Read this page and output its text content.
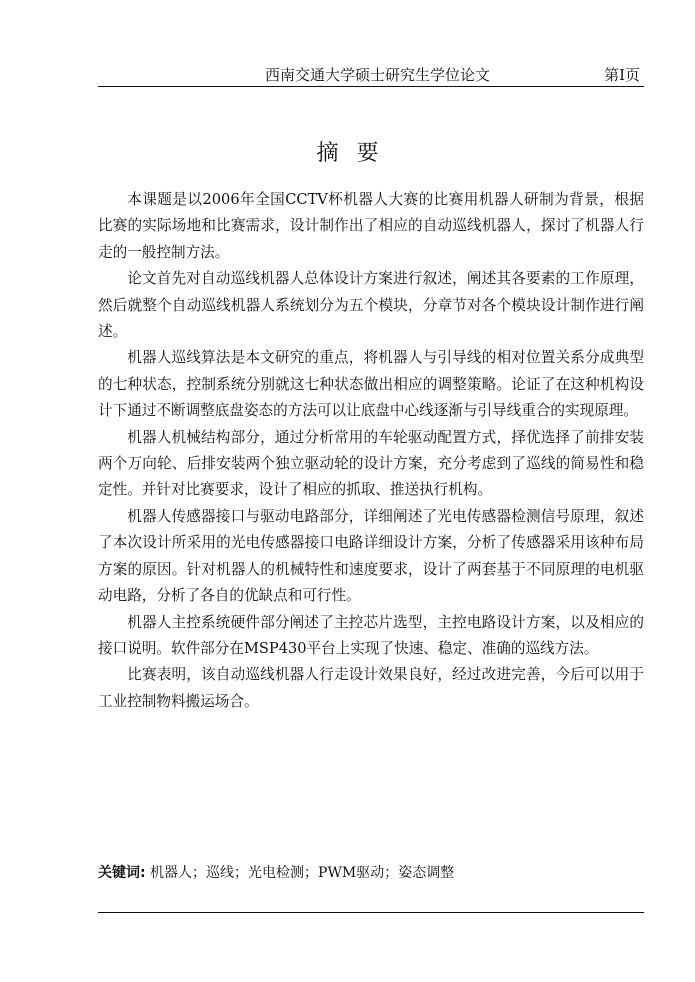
西南交通大学硕士研究生学位论文	第Ⅰ页
摘要

本课题是以2006年全国CCTV杯机器人大赛的比赛用机器人研制为背景，根据比赛的实际场地和比赛需求，设计制作出了相应的自动巡线机器人，探讨了机器人行走的一般控制方法。

论文首先对自动巡线机器人总体设计方案进行叙述，阐述其各要素的工作原理，然后就整个自动巡线机器人系统划分为五个模块，分章节对各个模块设计制作进行阐述。

机器人巡线算法是本文研究的重点，将机器人与引导线的相对位置关系分成典型的七种状态，控制系统分别就这七种状态做出相应的调整策略。论证了在这种机构设计下通过不断调整底盘姿态的方法可以让底盘中心线逐渐与引导线重合的实现原理。

机器人机械结构部分，通过分析常用的车轮驱动配置方式，择优选择了前排安装两个万向轮、后排安装两个独立驱动轮的设计方案，充分考虑到了巡线的简易性和稳定性。并针对比赛要求，设计了相应的抓取、推送执行机构。

机器人传感器接口与驱动电路部分，详细阐述了光电传感器检测信号原理，叙述了本次设计所采用的光电传感器接口电路详细设计方案，分析了传感器采用该种布局方案的原因。针对机器人的机械特性和速度要求，设计了两套基于不同原理的电机驱动电路，分析了各自的优缺点和可行性。

机器人主控系统硬件部分阐述了主控芯片选型，主控电路设计方案，以及相应的接口说明。软件部分在MSP430平台上实现了快速、稳定、准确的巡线方法。

比赛表明，该自动巡线机器人行走设计效果良好，经过改进完善，今后可以用于工业控制物料搬运场合。

关键词: 机器人；巡线；光电检测；PWM驱动；姿态调整
